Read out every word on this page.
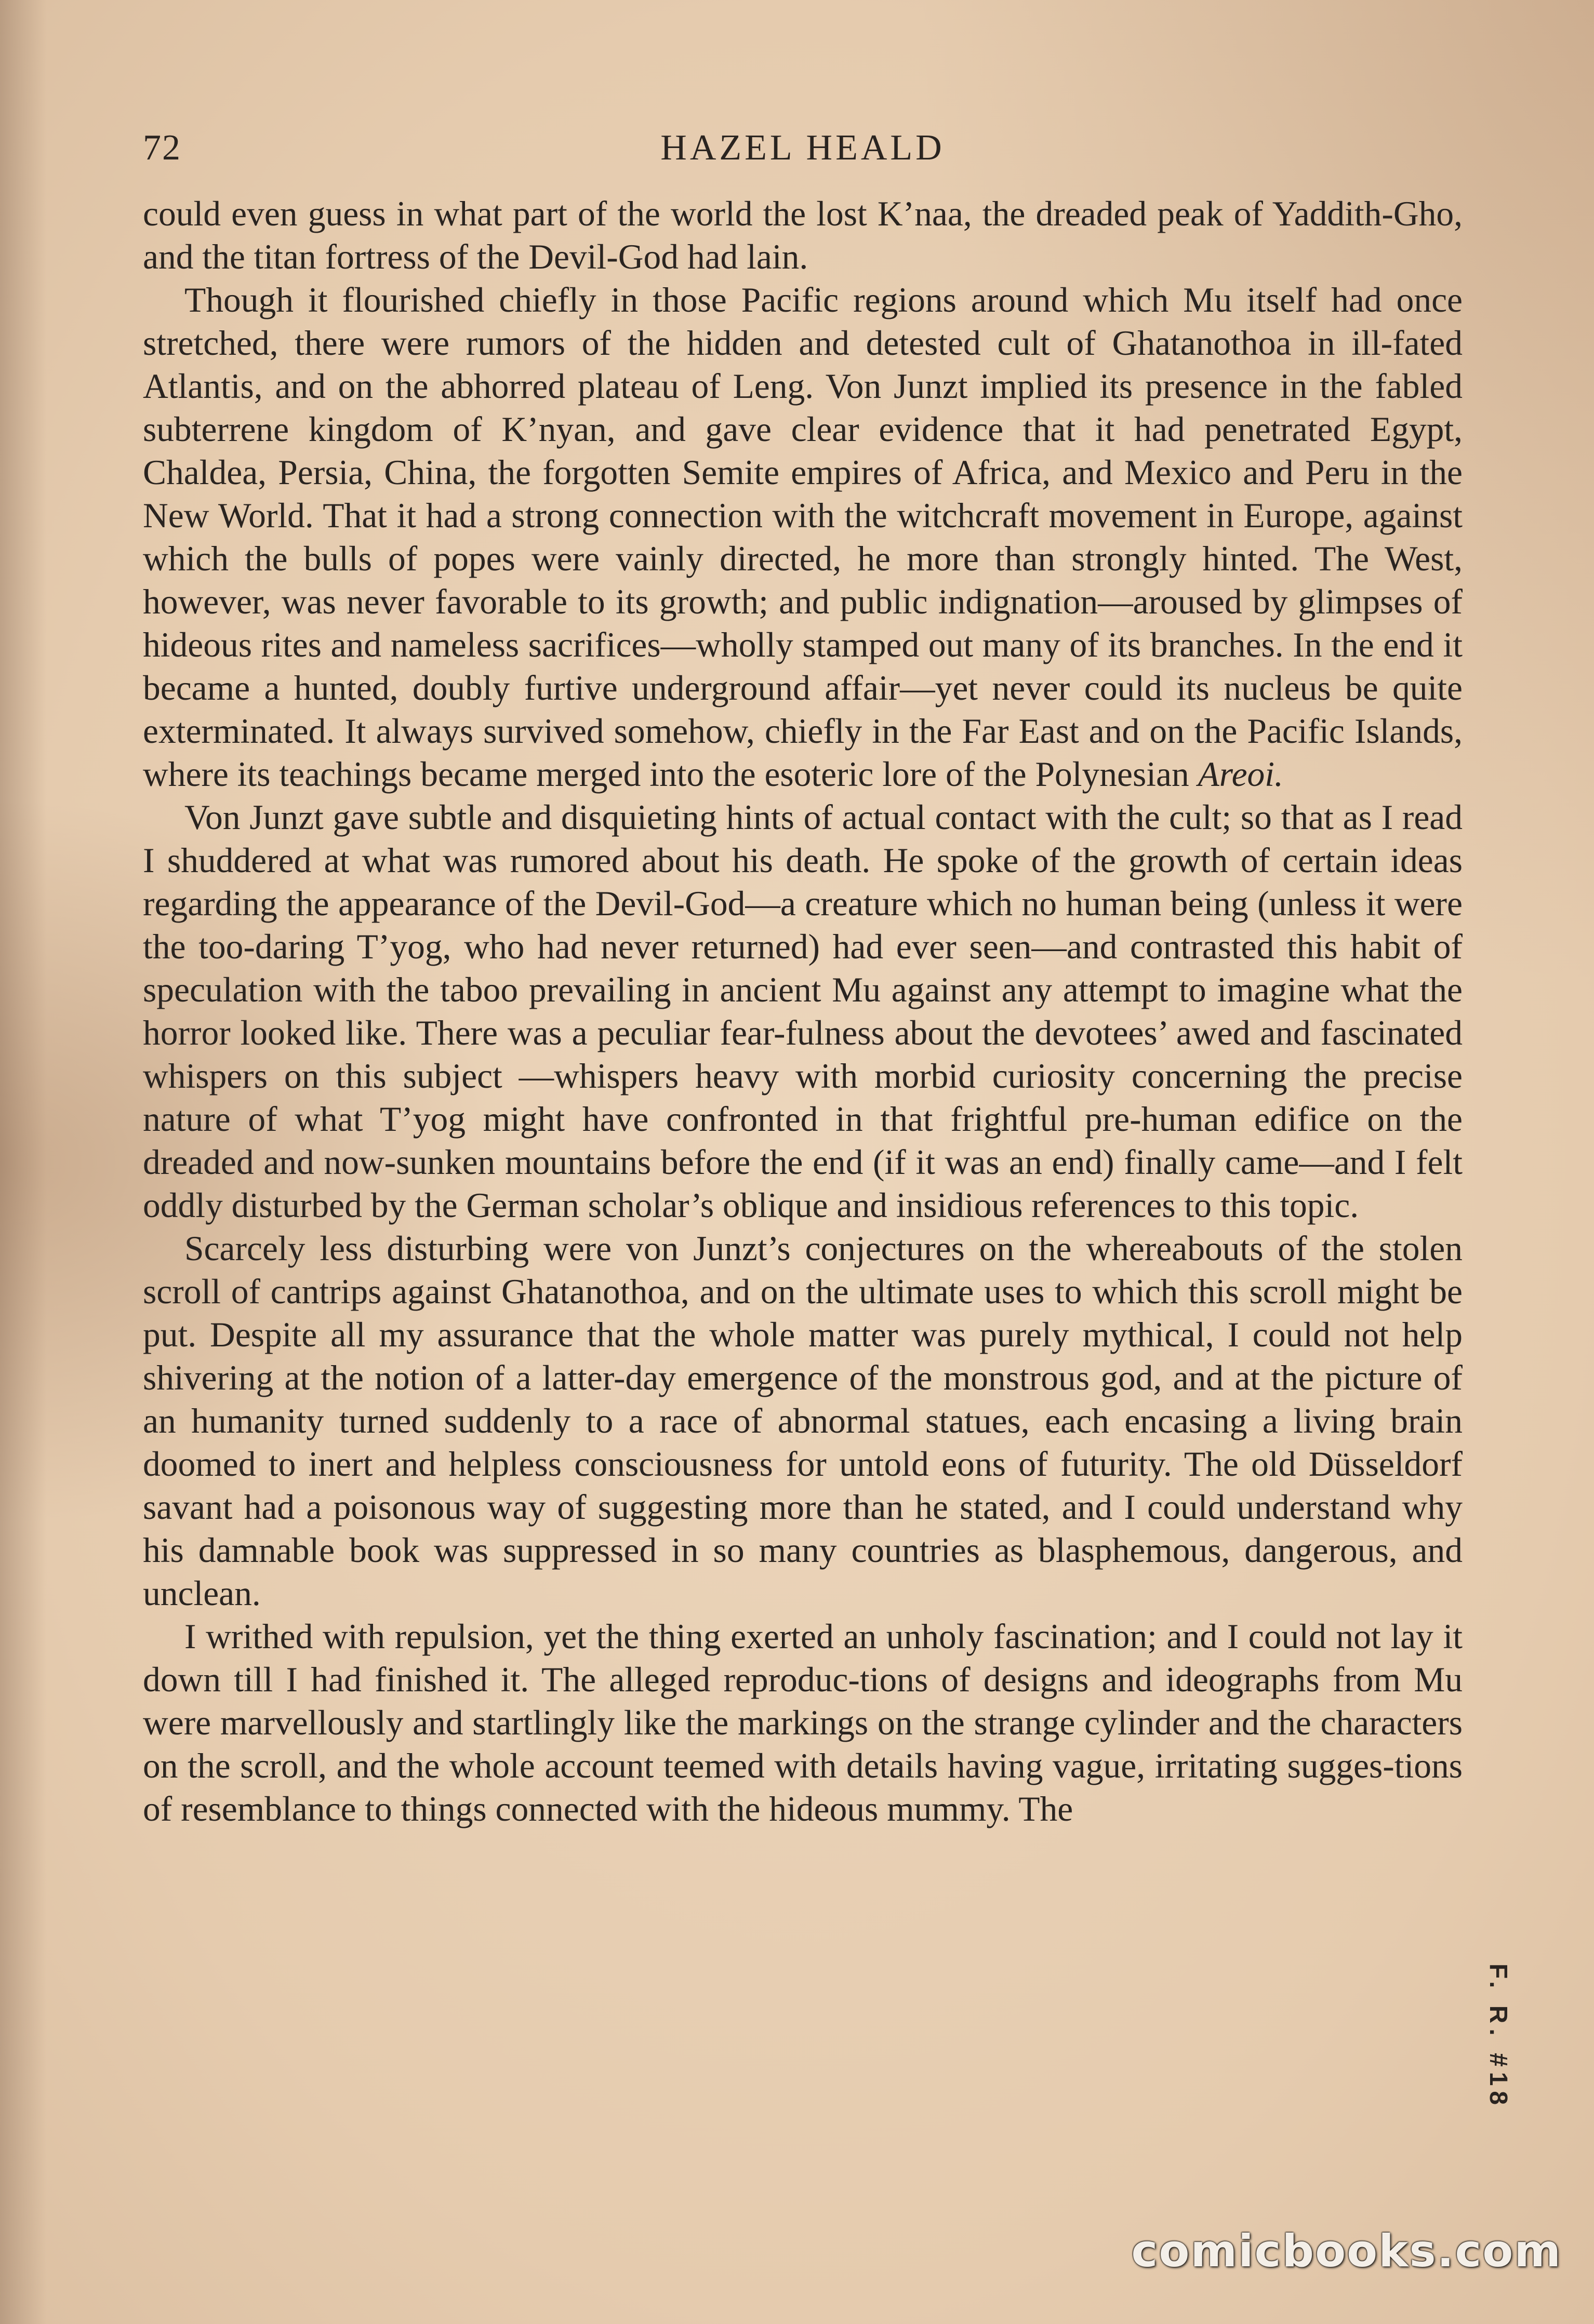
72	HAZEL HEALD

could even guess in what part of the world the lost K’naa, the dreaded peak of Yaddith-Gho, and the titan fortress of the Devil-God had lain.

Though it flourished chiefly in those Pacific regions around which Mu itself had once stretched, there were rumors of the hidden and detested cult of Ghatanothoa in ill-fated Atlantis, and on the abhorred plateau of Leng. Von Junzt implied its presence in the fabled subterrene kingdom of K’nyan, and gave clear evidence that it had penetrated Egypt, Chaldea, Persia, China, the forgotten Semite empires of Africa, and Mexico and Peru in the New World. That it had a strong connection with the witchcraft movement in Europe, against which the bulls of popes were vainly directed, he more than strongly hinted. The West, however, was never favorable to its growth; and public indignation—aroused by glimpses of hideous rites and nameless sacrifices—wholly stamped out many of its branches. In the end it became a hunted, doubly furtive underground affair—yet never could its nucleus be quite exterminated. It always survived somehow, chiefly in the Far East and on the Pacific Islands, where its teachings became merged into the esoteric lore of the Polynesian Areoi.

Von Junzt gave subtle and disquieting hints of actual contact with the cult; so that as I read I shuddered at what was rumored about his death. He spoke of the growth of certain ideas regarding the appearance of the Devil-God—a creature which no human being (unless it were the too-daring T’yog, who had never returned) had ever seen—and contrasted this habit of speculation with the taboo prevailing in ancient Mu against any attempt to imagine what the horror looked like. There was a peculiar fear-fulness about the devotees’ awed and fascinated whispers on this subject —whispers heavy with morbid curiosity concerning the precise nature of what T’yog might have confronted in that frightful pre-human edifice on the dreaded and now-sunken mountains before the end (if it was an end) finally came—and I felt oddly disturbed by the German scholar’s oblique and insidious references to this topic.

Scarcely less disturbing were von Junzt’s conjectures on the whereabouts of the stolen scroll of cantrips against Ghatanothoa, and on the ultimate uses to which this scroll might be put. Despite all my assurance that the whole matter was purely mythical, I could not help shivering at the notion of a latter-day emergence of the monstrous god, and at the picture of an humanity turned suddenly to a race of abnormal statues, each encasing a living brain doomed to inert and helpless consciousness for untold eons of futurity. The old Düsseldorf savant had a poisonous way of suggesting more than he stated, and I could understand why his damnable book was suppressed in so many countries as blasphemous, dangerous, and unclean.

I writhed with repulsion, yet the thing exerted an unholy fascination; and I could not lay it down till I had finished it. The alleged reproduc-tions of designs and ideographs from Mu were marvellously and startlingly like the markings on the strange cylinder and the characters on the scroll, and the whole account teemed with details having vague, irritating sugges-tions of resemblance to things connected with the hideous mummy. The

F. R. #18
comicbooks.com
